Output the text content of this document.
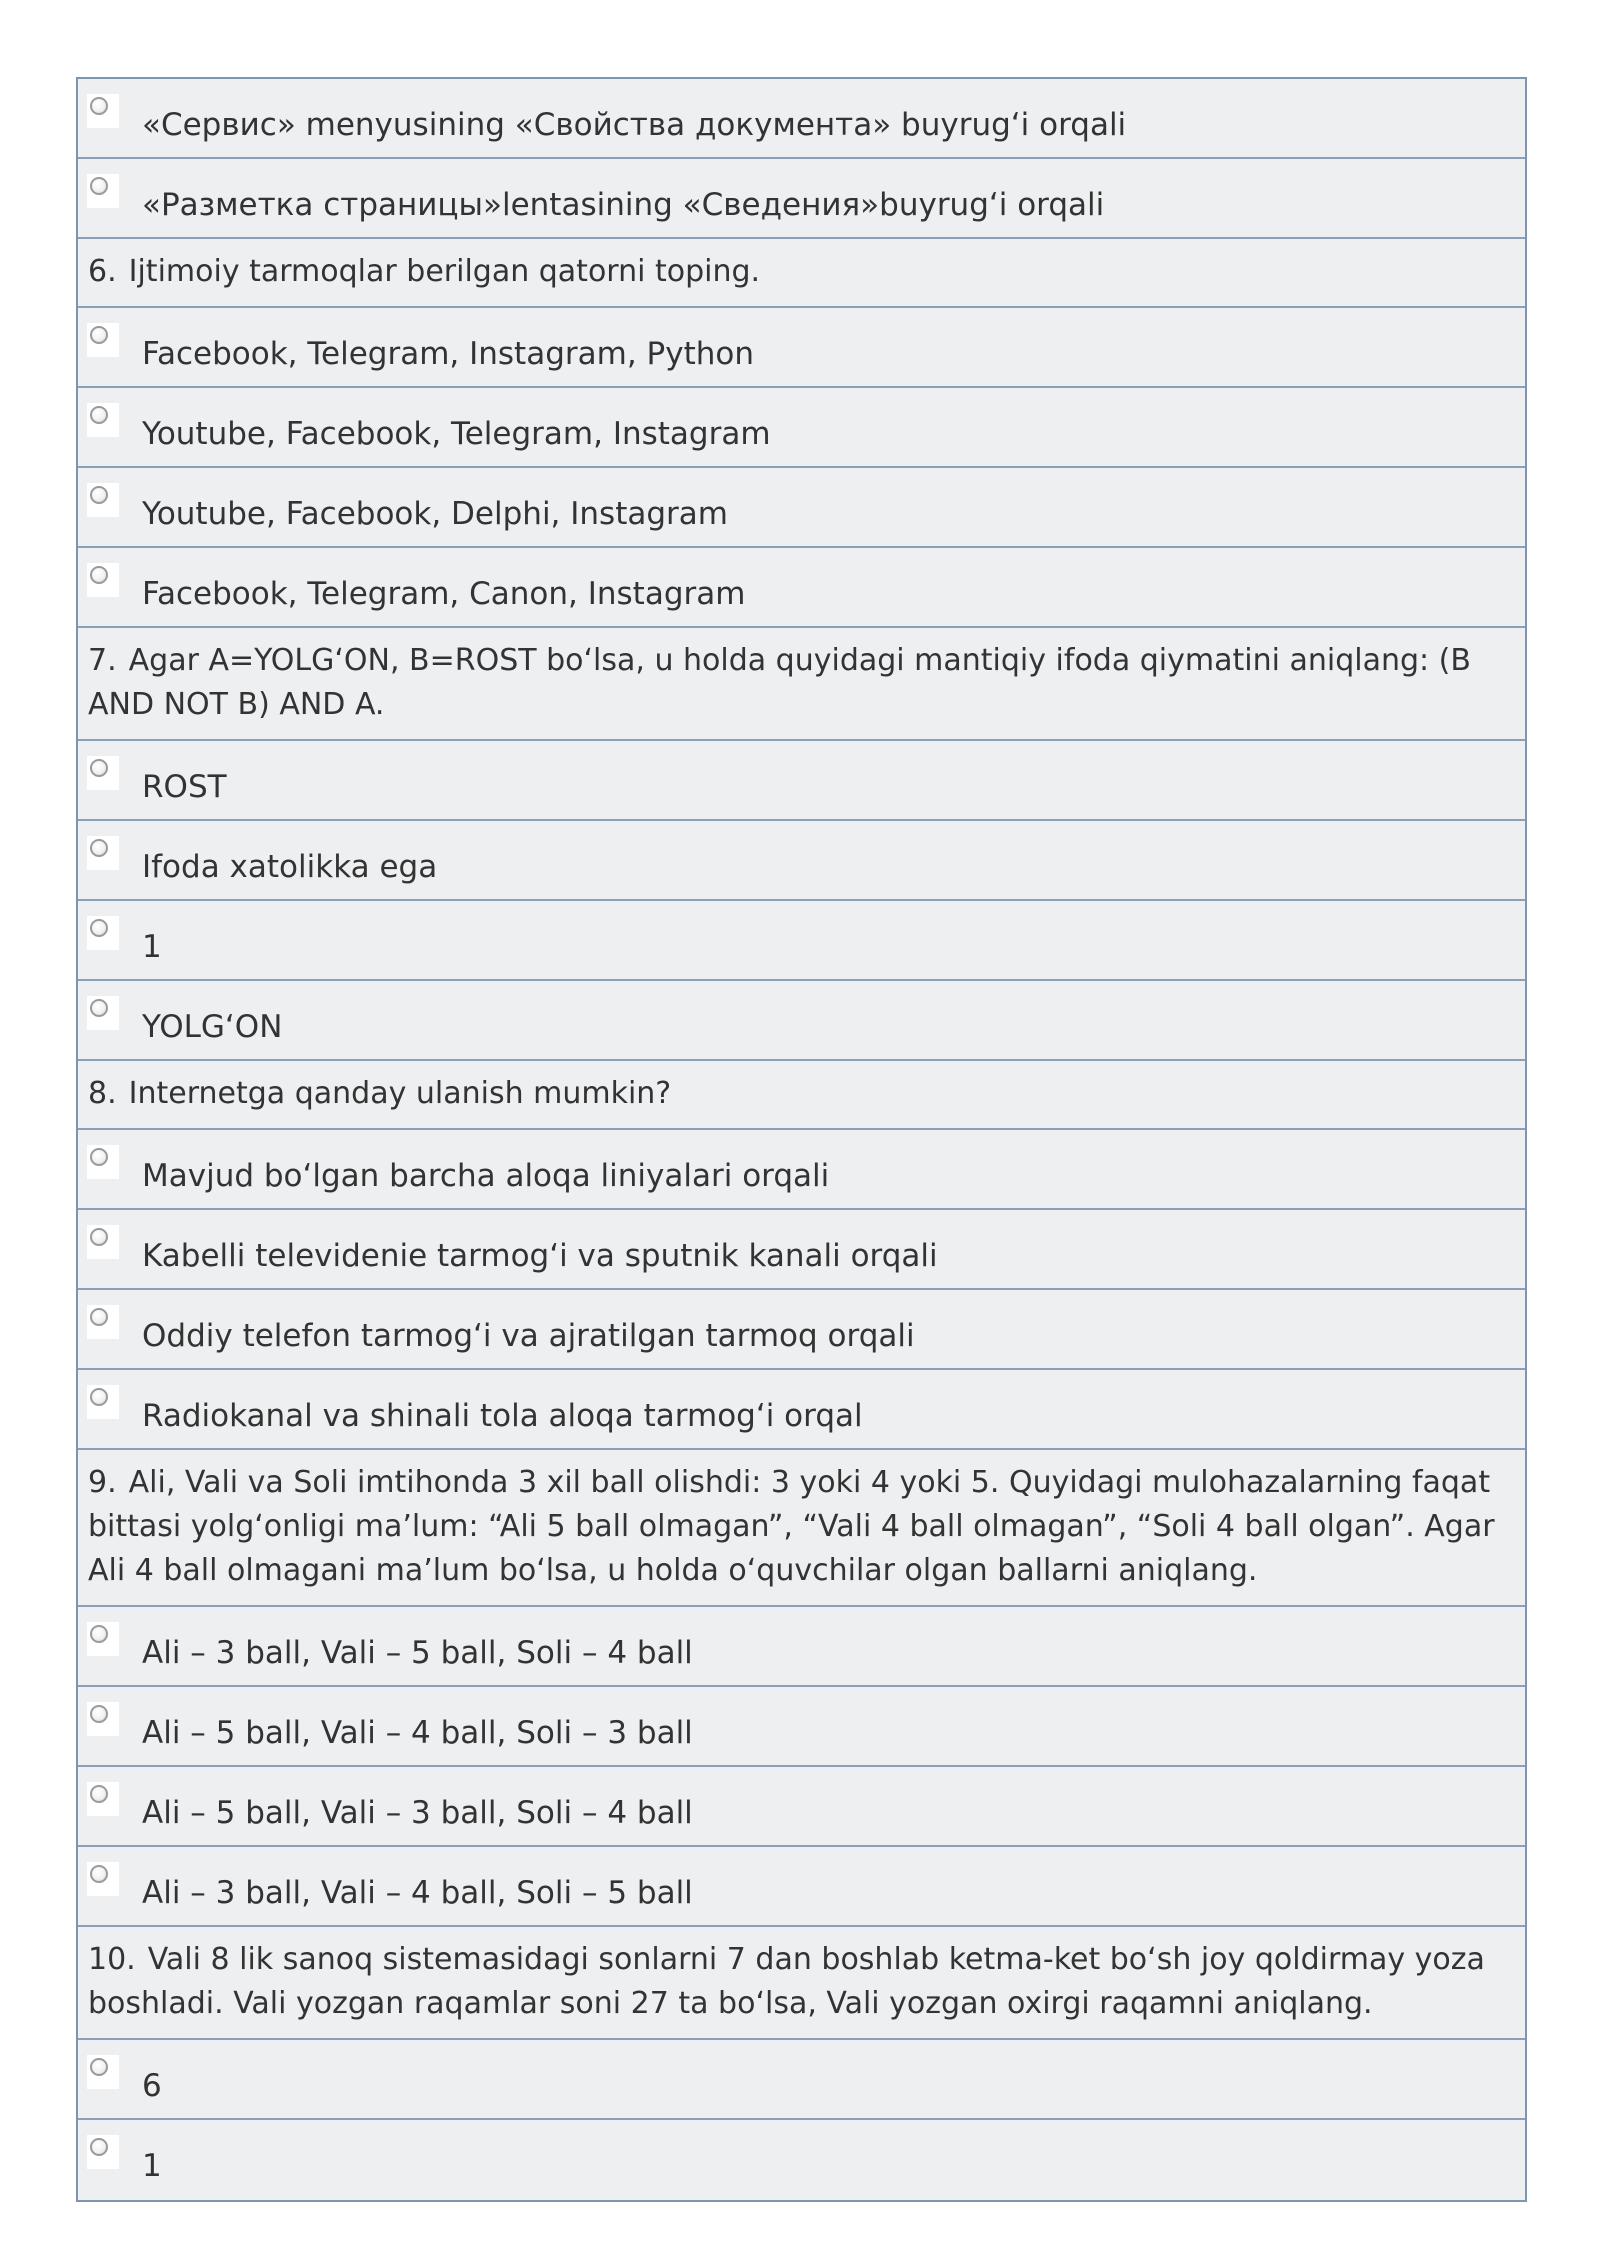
«Сервис» menyusining «Свойства документа» buyrug‘i orqali
«Разметка страницы»lentasining «Сведения»buyrug‘i orqali
6. Ijtimoiy tarmoqlar berilgan qatorni toping.
Facebook, Telegram, Instagram, Python
Youtube, Facebook, Telegram, Instagram
Youtube, Facebook, Delphi, Instagram
Facebook, Telegram, Canon, Instagram
7. Agar A=YOLG‘ON, B=ROST bo‘lsa, u holda quyidagi mantiqiy ifoda qiymatini aniqlang: (B AND NOT B) AND A.
ROST
Ifoda xatolikka ega
1
YOLG‘ON
8. Internetga qanday ulanish mumkin?
Mavjud bo‘lgan barcha aloqa liniyalari orqali
Kabelli televidenie tarmog‘i va sputnik kanali orqali
Oddiy telefon tarmog‘i va ajratilgan tarmoq orqali
Radiokanal va shinali tola aloqa tarmog‘i orqal
9. Ali, Vali va Soli imtihonda 3 xil ball olishdi: 3 yoki 4 yoki 5. Quyidagi mulohazalarning faqat bittasi yolg‘onligi ma’lum: “Ali 5 ball olmagan”, “Vali 4 ball olmagan”, “Soli 4 ball olgan”. Agar Ali 4 ball olmagani ma’lum bo‘lsa, u holda o‘quvchilar olgan ballarni aniqlang.
Ali – 3 ball, Vali – 5 ball, Soli – 4 ball
Ali – 5 ball, Vali – 4 ball, Soli – 3 ball
Ali – 5 ball, Vali – 3 ball, Soli – 4 ball
Ali – 3 ball, Vali – 4 ball, Soli – 5 ball
10. Vali 8 lik sanoq sistemasidagi sonlarni 7 dan boshlab ketma-ket bo‘sh joy qoldirmay yoza boshladi. Vali yozgan raqamlar soni 27 ta bo‘lsa, Vali yozgan oxirgi raqamni aniqlang.
6
1
